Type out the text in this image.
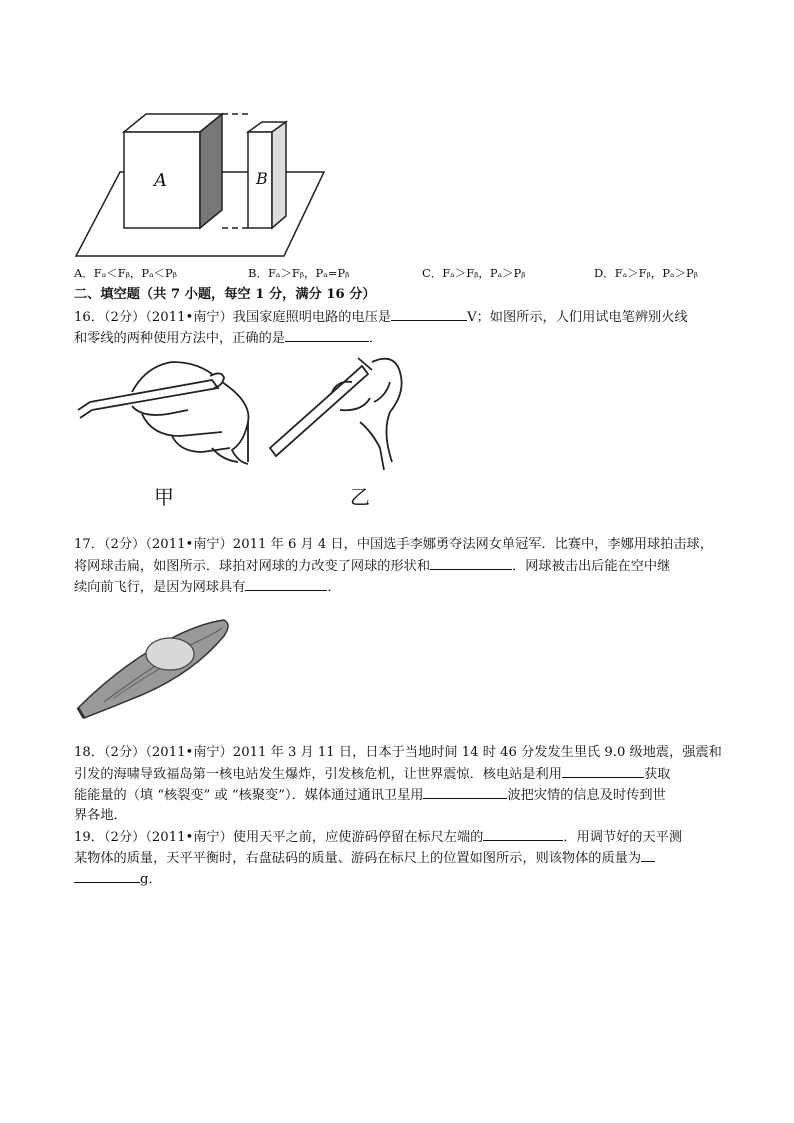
A	B
A．Fₐ＜Fᵦ，Pₐ＜Pᵦ	B．Fₐ＞Fᵦ，Pₐ=Pᵦ	C．Fₐ＞Fᵦ，Pₐ＞Pᵦ	D．Fₐ＞Fᵦ，Pₐ＞Pᵦ
二、填空题（共 7 小题，每空 1 分，满分 16 分）
16．（2分）（2011•南宁）我国家庭照明电路的电压是	V；如图所示，人们用试电笔辨别火线
和零线的两种使用方法中，正确的是	．
甲	乙
17．（2分）（2011•南宁）2011 年 6 月 4 日，中国选手李娜勇夺法网女单冠军．比赛中，李娜用球拍击球，
将网球击扁，如图所示．球拍对网球的力改变了网球的形状和	．网球被击出后能在空中继
续向前飞行，是因为网球具有	．
18．（2分）（2011•南宁）2011 年 3 月 11 日，日本于当地时间 14 时 46 分发发生里氏 9.0 级地震，强震和
引发的海啸导致福岛第一核电站发生爆炸，引发核危机，让世界震惊．核电站是利用	获取
能能量的（填 “核裂变” 或 “核聚变”）．媒体通过通讯卫星用	波把灾情的信息及时传到世
界各地．
19．（2分）（2011•南宁）使用天平之前，应使游码停留在标尺左端的	．用调节好的天平测
某物体的质量，天平平衡时，右盘砝码的质量、游码在标尺上的位置如图所示，则该物体的质量为
g．
